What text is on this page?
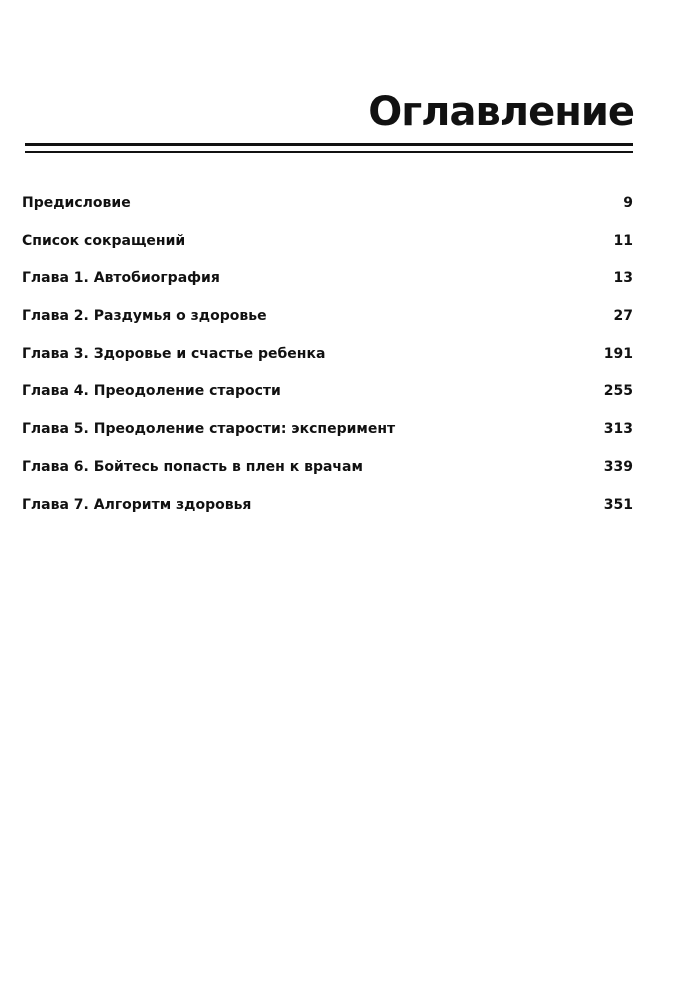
Оглавление
Предисловие	9
Список сокращений	11
Глава 1. Автобиография	13
Глава 2. Раздумья о здоровье	27
Глава 3. Здоровье и счастье ребенка	191
Глава 4. Преодоление старости	255
Глава 5. Преодоление старости: эксперимент	313
Глава 6. Бойтесь попасть в плен к врачам	339
Глава 7. Алгоритм здоровья	351
